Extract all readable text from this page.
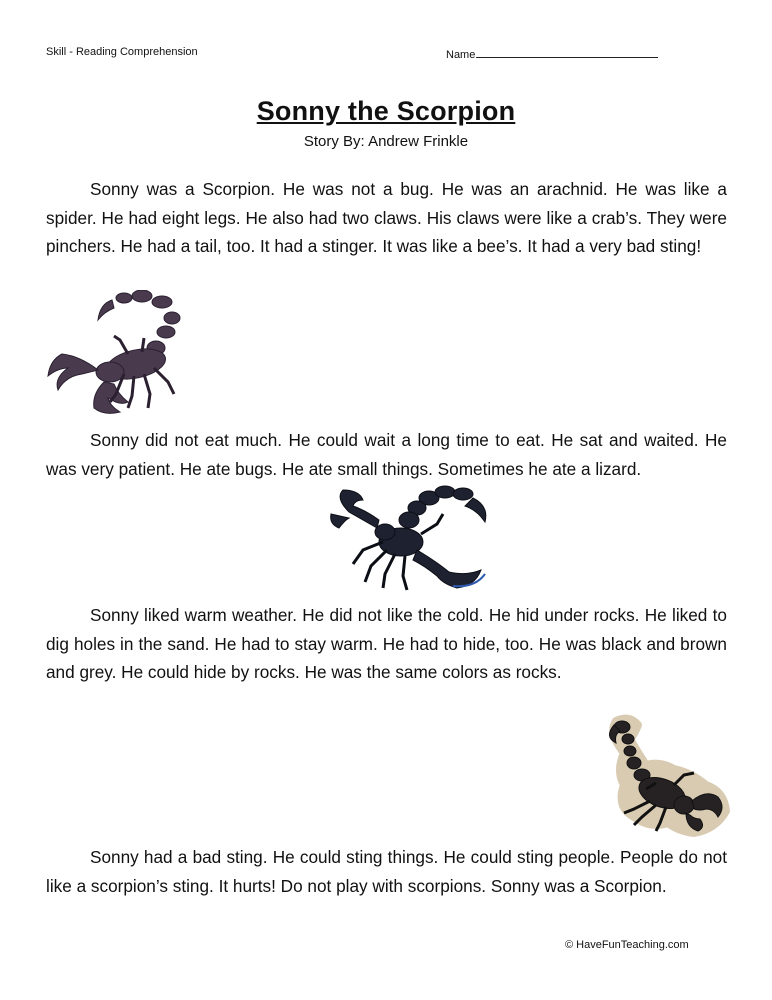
Skill - Reading Comprehension	Name
Sonny the Scorpion
Story By: Andrew Frinkle

Sonny was a Scorpion. He was not a bug. He was an arachnid. He was like a spider. He had eight legs. He also had two claws. His claws were like a crab’s. They were pinchers. He had a tail, too. It had a stinger. It was like a bee’s. It had a very bad sting!

Sonny did not eat much. He could wait a long time to eat. He sat and waited. He was very patient. He ate bugs. He ate small things. Sometimes he ate a lizard.

Sonny liked warm weather. He did not like the cold. He hid under rocks. He liked to dig holes in the sand. He had to stay warm. He had to hide, too. He was black and brown and grey. He could hide by rocks. He was the same colors as rocks.

Sonny had a bad sting. He could sting things. He could sting people. People do not like a scorpion’s sting. It hurts! Do not play with scorpions. Sonny was a Scorpion.

© HaveFunTeaching.com
